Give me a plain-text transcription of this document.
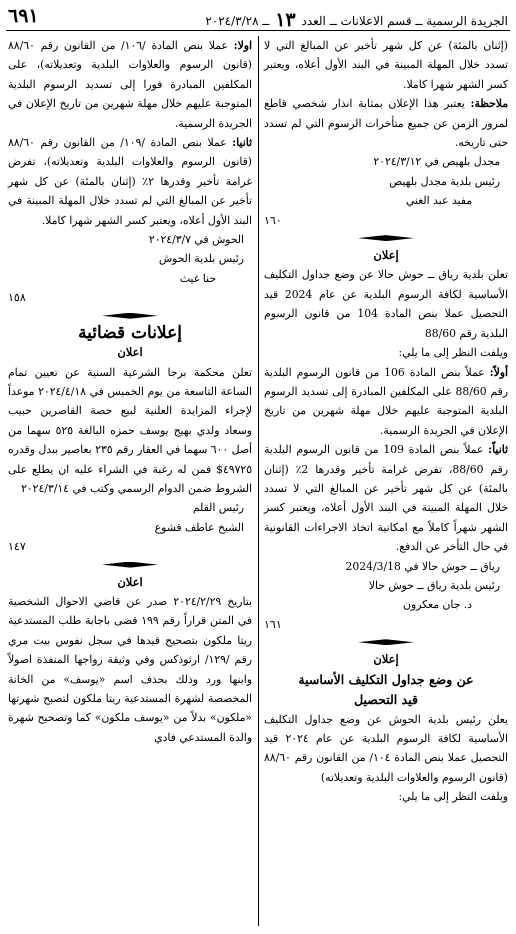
الجريدة الرسمية ــ قسم الاعلانات ــ العدد ١٣ ــ ٢٠٢٤/٣/٢٨
٦٩١

(إثنان بالمئة) عن كل شهر تأخير عن المبالغ التي لا تسدد خلال المهلة المبينة في البند الأول أعلاه، ويعتبر كسر الشهر شهرا كاملا.

ملاحظة: يعتبر هذا الإعلان بمثابة انذار شخصي قاطع لمرور الزمن عن جميع متأخرات الرسوم التي لم تسدد حتى تاريخه.

مجدل بلهيص في ٢٠٢٤/٣/١٢

رئيس بلدية مجدل بلهيص

مفيد عبد الغني

١٦٠

إعلان

تعلن بلدية رياق ــ حوش حالا عن وضع جداول التكليف الأساسية لكافة الرسوم البلدية عن عام 2024 قيد التحصيل عملا بنص المادة 104 من قانون الرسوم البلدية رقم 88/60

ويلفت النظر إلى ما يلي:

أولاً: عملاً بنص المادة 106 من قانون الرسوم البلدية رقم 88/60 على المكلفين المبادرة إلى تسديد الرسوم البلدية المتوجبة عليهم خلال مهلة شهرين من تاريخ الإعلان في الجريدة الرسمية.

ثانياً: عملاً بنص المادة 109 من قانون الرسوم البلدية رقم 88/60، تفرض غرامة تأخير وقدرها 2٪ (إثنان بالمئة) عن كل شهر تأخير عن المبالغ التي لا تسدد خلال المهلة المبينة في البند الأول أعلاه، ويعتبر كسر الشهر شهراً كاملاً مع امكانية اتخاذ الاجراءات القانونية في حال التأخر عن الدفع.

رياق ــ حوش حالا في 2024/3/18

رئيس بلدية رياق ــ حوش حالا

د. جان معكرون

١٦١

إعلان

عن وضع جداول التكليف الأساسية

قيد التحصيل

يعلن رئيس بلدية الحوش عن وضع جداول التكليف الأساسية لكافة الرسوم البلدية عن عام ٢٠٢٤ قيد التحصيل عملا بنص المادة ١٠٤/ من القانون رقم ٨٨/٦٠ (قانون الرسوم والعلاوات البلدية وتعديلاته)

ويلفت النظر إلى ما يلي:

اولا: عملا بنص المادة /١٠٦/ من القانون رقم ٨٨/٦٠ (قانون الرسوم والعلاوات البلدية وتعديلاته)، على المكلفين المبادرة فورا إلى تسديد الرسوم البلدية المتوجبة عليهم خلال مهلة شهرين من تاريخ الإعلان في الجريدة الرسمية.

ثانيا: عملا بنص المادة /١٠٩/ من القانون رقم ٨٨/٦٠ (قانون الرسوم والعلاوات البلدية وتعديلاته)، تفرض غرامة تأخير وقدرها ٢٪ (إثنان بالمئة) عن كل شهر تأخير عن المبالغ التي لم تسدد خلال المهلة المبينة في البند الأول أعلاه، ويعتبر كسر الشهر شهرا كاملا.

الحوش في ٢٠٢٤/٣/٧

رئيس بلدية الحوش

حنا غيث

١٥٨

إعلانات قضائية

اعلان

تعلن محكمة برجا الشرعية السنية عن تعيين تمام الساعة التاسعة من يوم الخميس في ٢٠٢٤/٤/١٨ موعداً لإجراء المزايدة العلنية لبيع حصة القاصرين حبيب وسعاد ولدي بهيج يوسف حمزه البالغة ٥٢٥ سهما من أصل ٦٠٠ سهما في العقار رقم ٢٣٥ بعاصير ببدل وقدره ٤٩٧٢٥$ فمن له رغبة في الشراء عليه ان يطلع على الشروط ضمن الدوام الرسمي وكتب في ٢٠٢٤/٣/١٤

رئيس القلم

الشيخ عاطف قشوع

١٤٧

اعلان

بتاريخ ٢٠٢٤/٢/٢٩ صدر عن قاضي الاحوال الشخصية في المتن قراراً رقم ١٩٩ قضى باجابة طلب المستدعية ريتا ملكون بتصحيح قيدها في سجل نفوس بيت مري رقم /١٢٩/ ارثوذكس وفي وثيقة زواجها المنفذة اصولاً وابنها ورد وذلك بحذف اسم «يوسف» من الخانة المخصصة لشهرة المستدعية ريتا ملكون لتصبح شهرتها «ملكون» بدلاً من «يوسف ملكون» كما وتصحيح شهرة والدة المستدعي فادي
